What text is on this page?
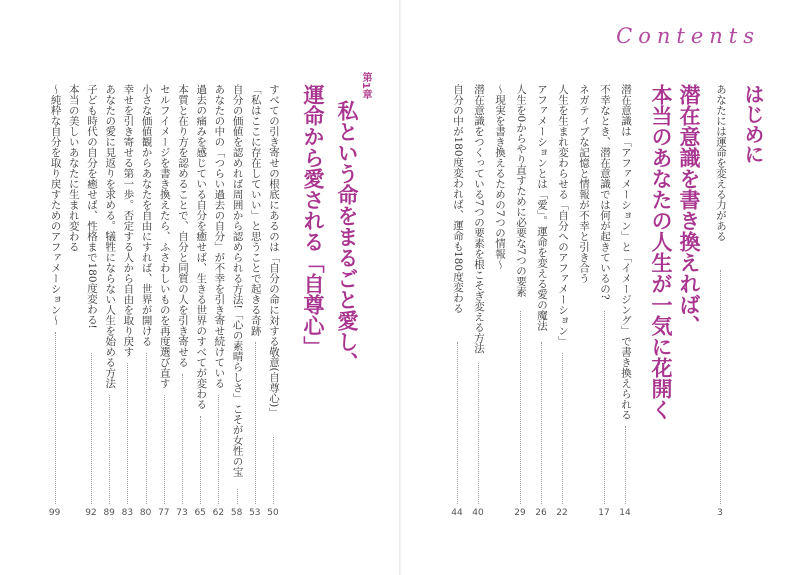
Contents
はじめに
あなたには運命を変える力がある
3
潜在意識を書き換えれば、
本当のあなたの人生が一気に花開く
潜在意識は「アファメーション」と「イメージング」で書き換えられる
14
不幸なとき、潜在意識では何が起きているの?
17
ネガティブな記憶と情報が不幸と引き合う
人生を生まれ変わらせる「自分へのアファメーション」
22
アファメーションとは「愛」。運命を変える愛の魔法
26
人生を0からやり直すために必要な7つの要素
29
〜現実を書き換えるための7つの情報〜
潜在意識をつくっている7つの要素を根こそぎ変える方法
40
自分の中が180度変われば、運命も180度変わる
44
第1章
私という命をまるごと愛し、
運命から愛される「自尊心」
すべての引き寄せの根底にあるのは「自分の命に対する敬意(自尊心)」
50
「私はここに存在していい」と思うことで起きる奇跡
53
自分の価値を認めれば周囲から認められる方法!「心の素晴らしさ」こそが女性の宝
58
あなたの中の「つらい過去の自分」が不幸を引き寄せ続けている
62
過去の痛みを感じている自分を癒せば、生きる世界のすべてが変わる
65
本質と在り方を認めることで、自分と同質の人を引き寄せる
73
セルフイメージを書き換えたら、ふさわしいものを再度選び直す
77
小さな価値観からあなたを自由にすれば、世界が開ける
80
幸せを引き寄せる第一歩。否定する人から自由を取り戻す
83
あなたの愛に見返りを求める。犠牲にならない人生を始める方法
89
子ども時代の自分を癒せば、性格まで180度変わる!
92
本当の美しいあなたに生まれ変わる
〜純粋な自分を取り戻すためのアファメーション〜
99
